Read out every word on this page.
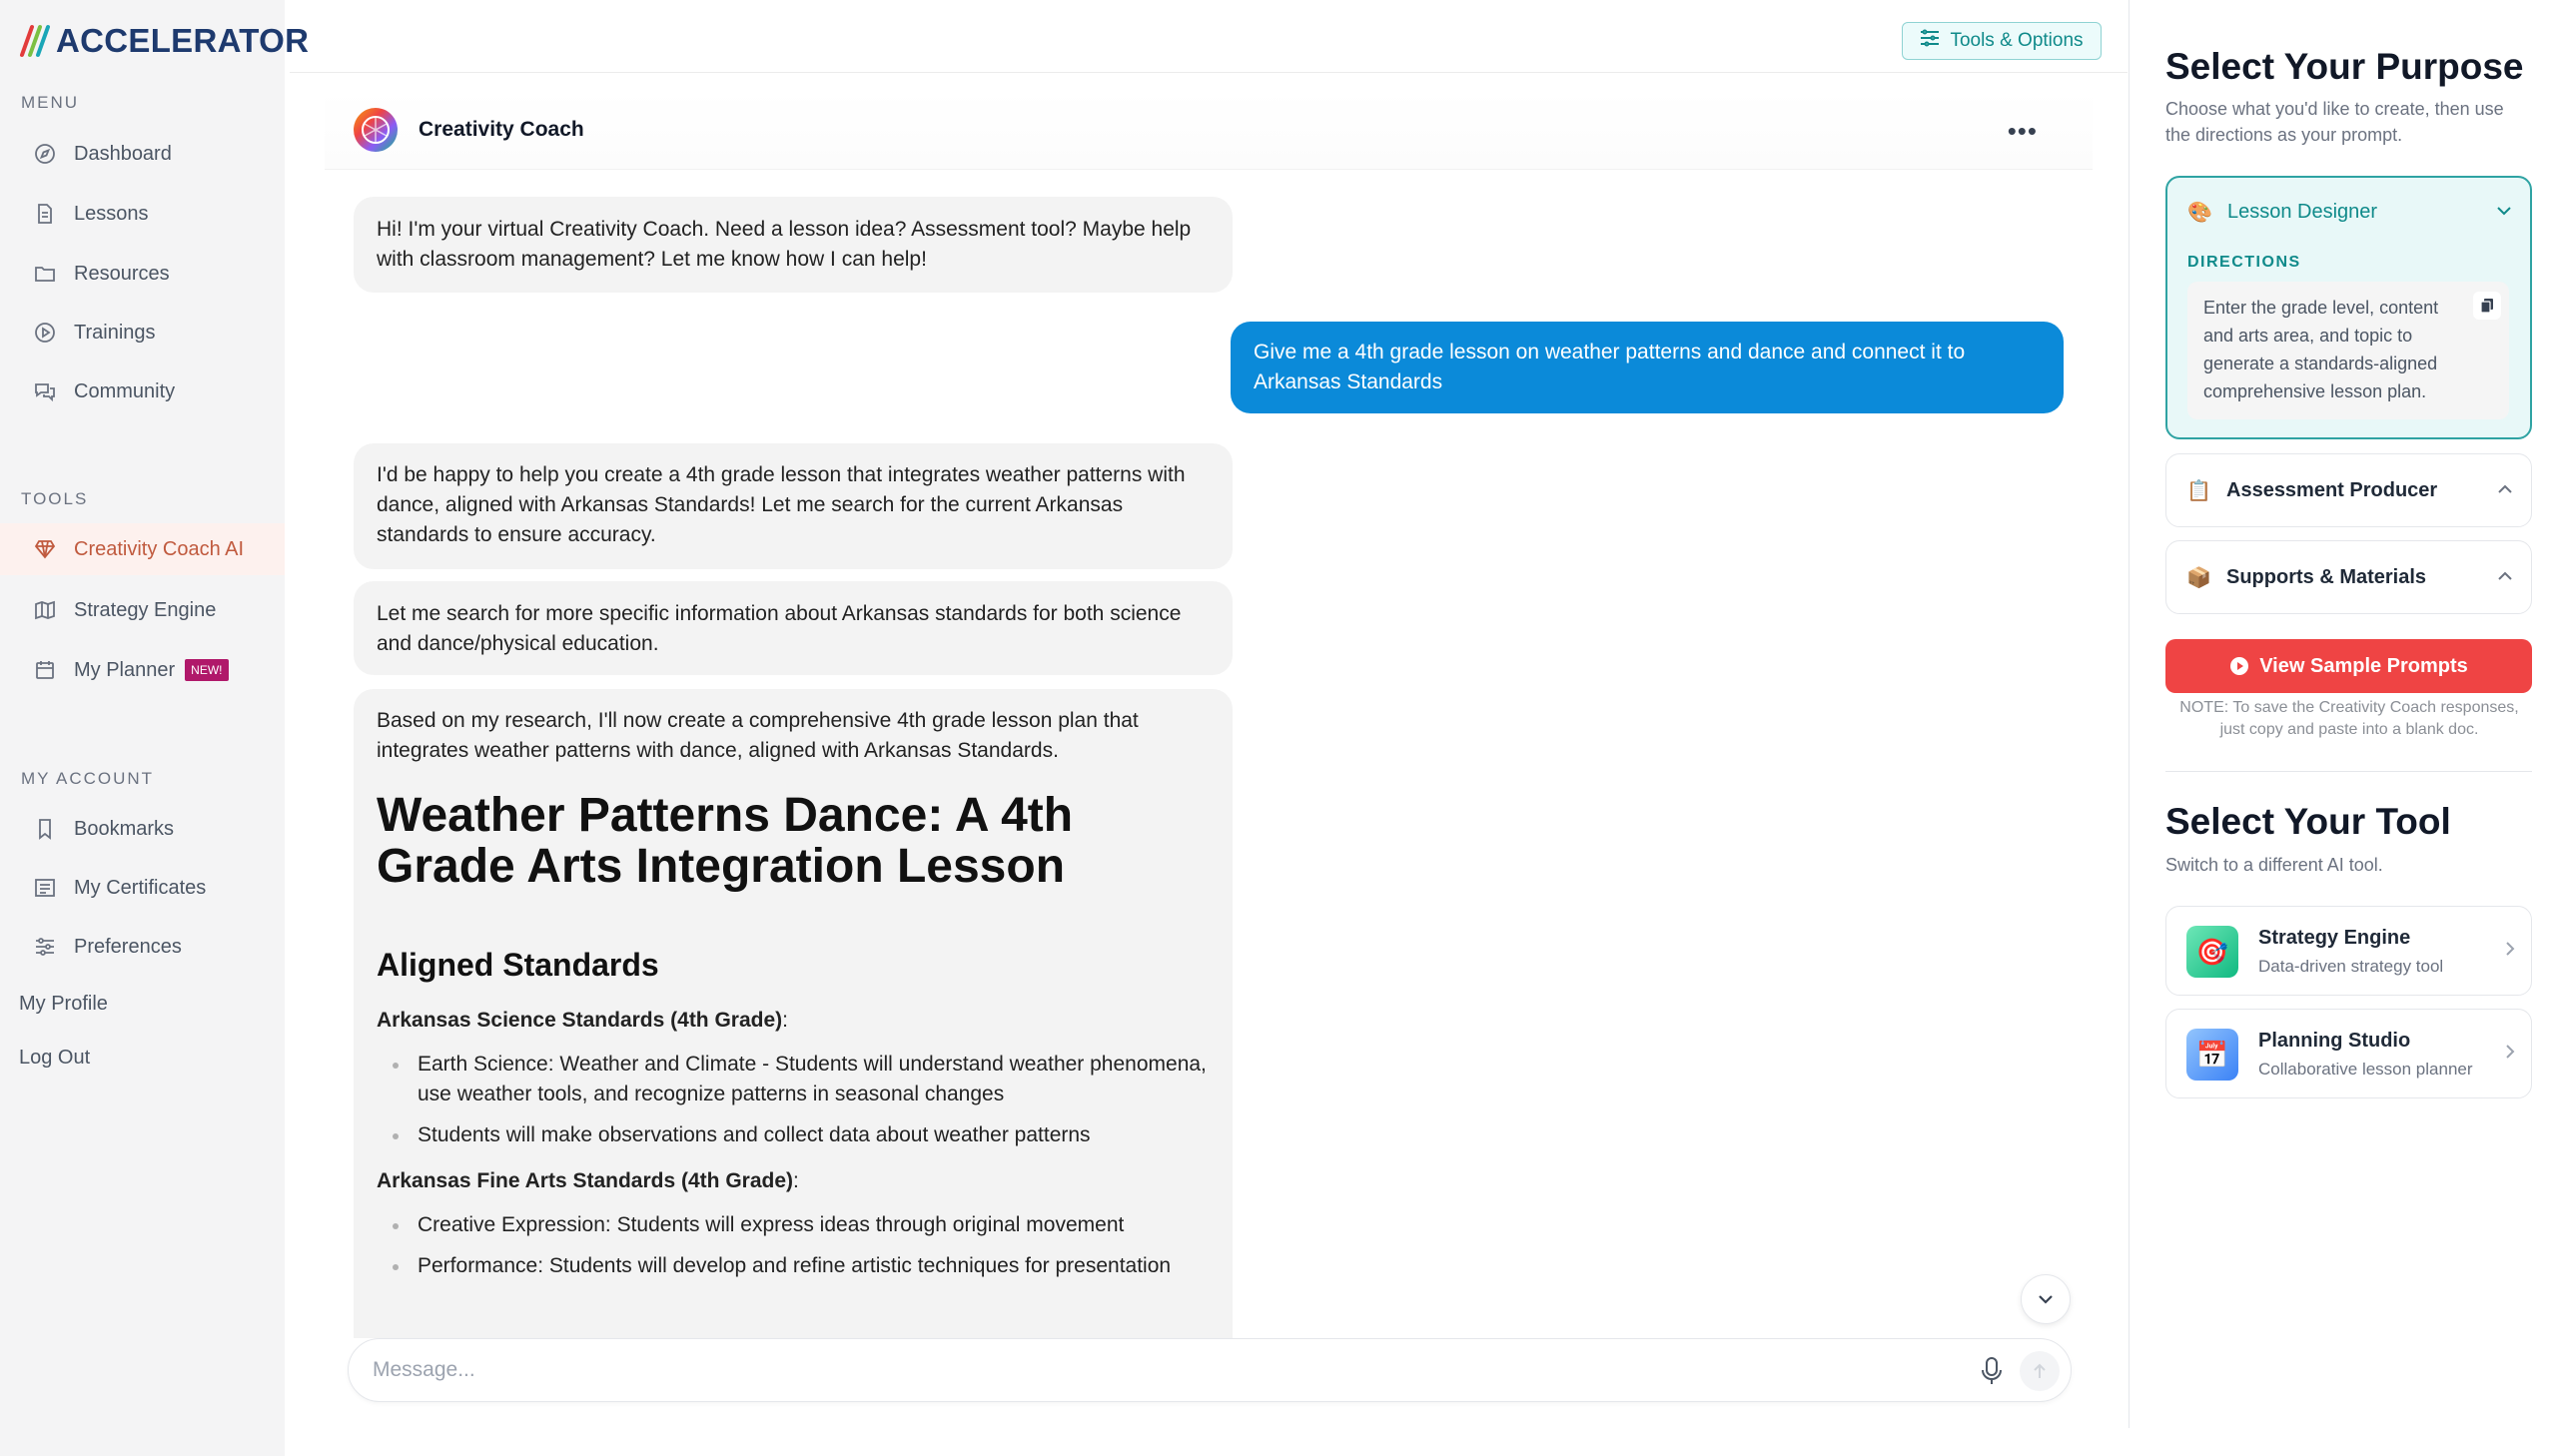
ACCELERATOR
MENU
Dashboard
Lessons
Resources
Trainings
Community
TOOLS
Creativity Coach AI
Strategy Engine
My Planner	NEW!
MY ACCOUNT
Bookmarks
My Certificates
Preferences
My Profile
Log Out
Tools & Options
Creativity Coach	•••
Hi! I'm your virtual Creativity Coach. Need a lesson idea? Assessment tool? Maybe help with classroom management? Let me know how I can help!
Give me a 4th grade lesson on weather patterns and dance and connect it to Arkansas Standards
I'd be happy to help you create a 4th grade lesson that integrates weather patterns with dance, aligned with Arkansas Standards! Let me search for the current Arkansas standards to ensure accuracy.
Let me search for more specific information about Arkansas standards for both science and dance/physical education.

Based on my research, I'll now create a comprehensive 4th grade lesson plan that integrates weather patterns with dance, aligned with Arkansas Standards.

Weather Patterns Dance: A 4th Grade Arts Integration Lesson
Aligned Standards

Arkansas Science Standards (4th Grade):

Earth Science: Weather and Climate - Students will understand weather phenomena, use weather tools, and recognize patterns in seasonal changes
Students will make observations and collect data about weather patterns

Arkansas Fine Arts Standards (4th Grade):

Creative Expression: Students will express ideas through original movement
Performance: Students will develop and refine artistic techniques for presentation
Message...
Select Your Purpose
Choose what you'd like to create, then use the directions as your prompt.
🎨 Lesson Designer
DIRECTIONS
Enter the grade level, content and arts area, and topic to generate a standards-aligned comprehensive lesson plan.
📋 Assessment Producer
📦 Supports & Materials
View Sample Prompts
NOTE: To save the Creativity Coach responses, just copy and paste into a blank doc.
Select Your Tool
Switch to a different AI tool.
🎯	Strategy Engine
Data-driven strategy tool
📅	Planning Studio
Collaborative lesson planner
